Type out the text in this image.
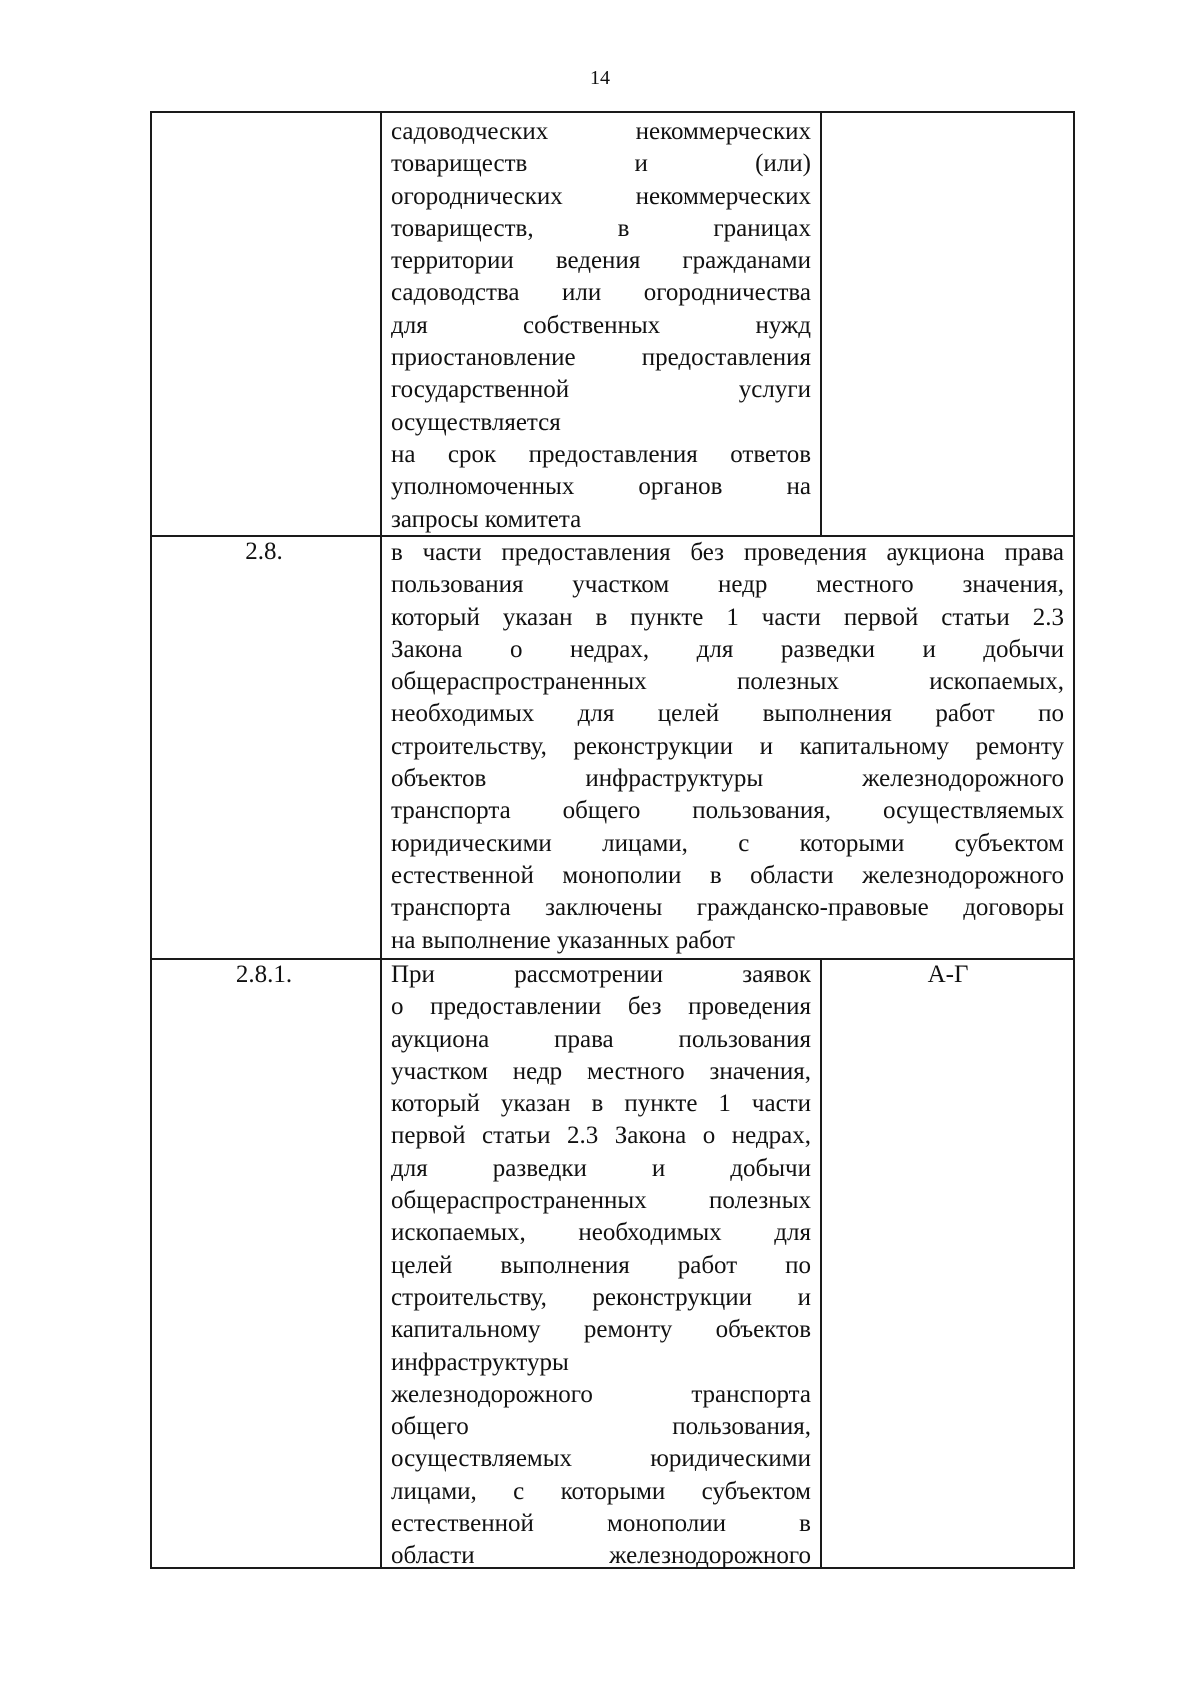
14
садоводческих некоммерческих
товариществ и (или)
огороднических некоммерческих
товариществ, в границах
территории ведения гражданами
садоводства или огородничества
для собственных нужд
приостановление предоставления
государственной услуги
осуществляется
на срок предоставления ответов
уполномоченных органов на
запросы комитета
2.8.	в части предоставления без проведения аукциона права
пользования участком недр местного значения,
который указан в пункте 1 части первой статьи 2.3
Закона о недрах, для разведки и добычи
общераспространенных полезных ископаемых,
необходимых для целей выполнения работ по
строительству, реконструкции и капитальному ремонту
объектов инфраструктуры железнодорожного
транспорта общего пользования, осуществляемых
юридическими лицами, с которыми субъектом
естественной монополии в области железнодорожного
транспорта заключены гражданско-правовые договоры
на выполнение указанных работ
2.8.1.	При рассмотрении заявок
о предоставлении без проведения
аукциона права пользования
участком недр местного значения,
который указан в пункте 1 части
первой статьи 2.3 Закона о недрах,
для разведки и добычи
общераспространенных полезных
ископаемых, необходимых для
целей выполнения работ по
строительству, реконструкции и
капитальному ремонту объектов
инфраструктуры
железнодорожного транспорта
общего пользования,
осуществляемых юридическими
лицами, с которыми субъектом
естественной монополии в
области железнодорожного
А-Г
